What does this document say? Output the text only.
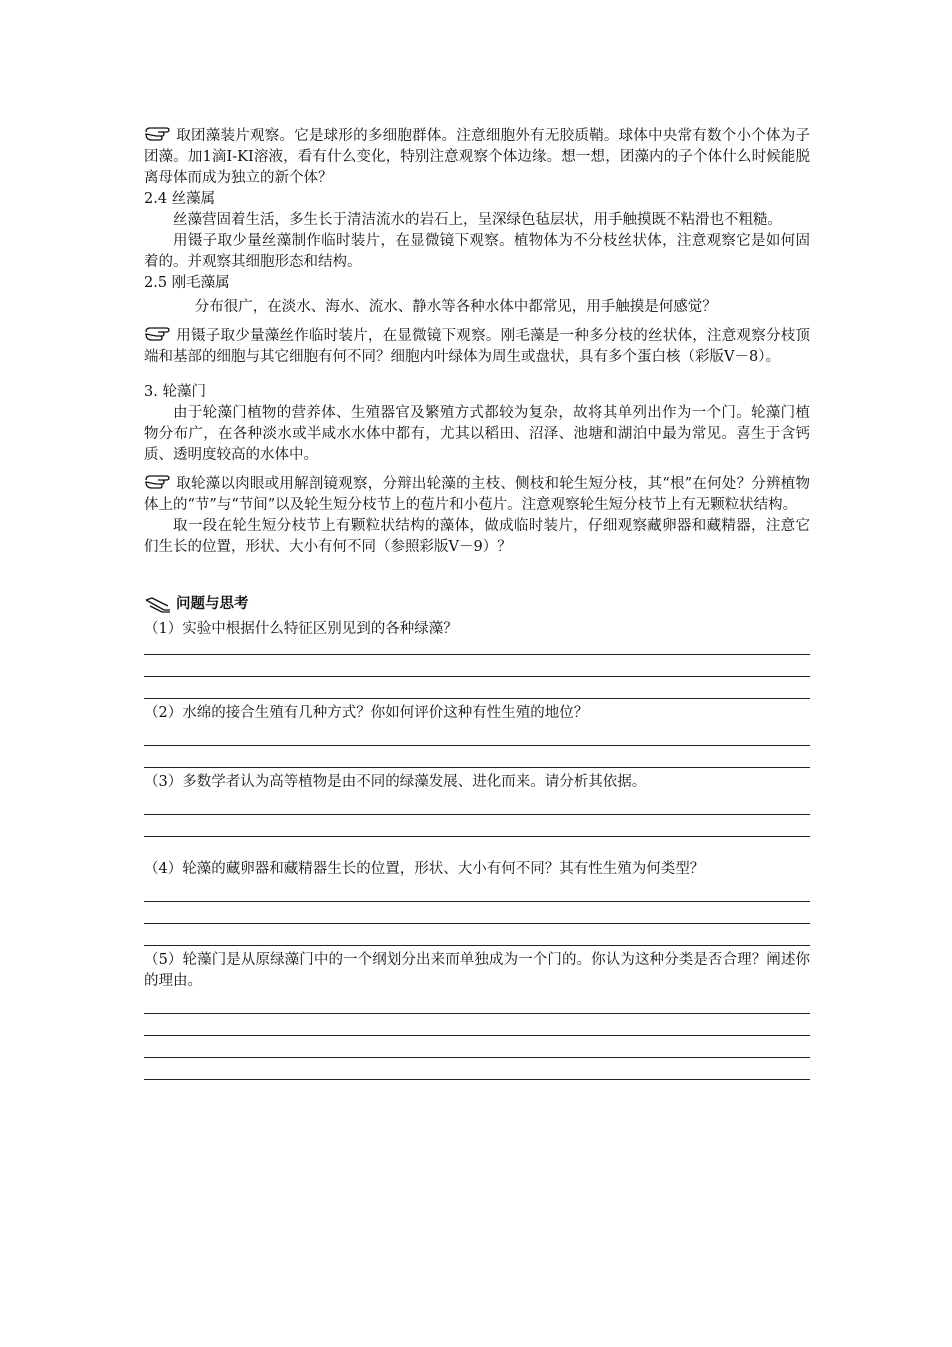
取团藻装片观察。它是球形的多细胞群体。注意细胞外有无胶质鞘。球体中央常有数个小个体为子团藻。加1滴I-KI溶液，看有什么变化，特别注意观察个体边缘。想一想，团藻内的子个体什么时候能脱离母体而成为独立的新个体？

2.4 丝藻属

丝藻营固着生活，多生长于清洁流水的岩石上，呈深绿色毡层状，用手触摸既不粘滑也不粗糙。

用镊子取少量丝藻制作临时装片，在显微镜下观察。植物体为不分枝丝状体，注意观察它是如何固着的。并观察其细胞形态和结构。

2.5 刚毛藻属

分布很广，在淡水、海水、流水、静水等各种水体中都常见，用手触摸是何感觉？

用镊子取少量藻丝作临时装片，在显微镜下观察。刚毛藻是一种多分枝的丝状体，注意观察分枝顶端和基部的细胞与其它细胞有何不同？细胞内叶绿体为周生或盘状，具有多个蛋白核（彩版V－8）。

3. 轮藻门

由于轮藻门植物的营养体、生殖器官及繁殖方式都较为复杂，故将其单列出作为一个门。轮藻门植物分布广，在各种淡水或半咸水水体中都有，尤其以稻田、沼泽、池塘和湖泊中最为常见。喜生于含钙质、透明度较高的水体中。

取轮藻以肉眼或用解剖镜观察，分辩出轮藻的主枝、侧枝和轮生短分枝，其“根”在何处？分辨植物体上的“节”与“节间”以及轮生短分枝节上的苞片和小苞片。注意观察轮生短分枝节上有无颗粒状结构。

取一段在轮生短分枝节上有颗粒状结构的藻体，做成临时装片，仔细观察藏卵器和藏精器，注意它们生长的位置，形状、大小有何不同（参照彩版V－9）？

问题与思考

（1）实验中根据什么特征区别见到的各种绿藻？

（2）水绵的接合生殖有几种方式？你如何评价这种有性生殖的地位？

（3）多数学者认为高等植物是由不同的绿藻发展、进化而来。请分析其依据。

（4）轮藻的藏卵器和藏精器生长的位置，形状、大小有何不同？其有性生殖为何类型？

（5）轮藻门是从原绿藻门中的一个纲划分出来而单独成为一个门的。你认为这种分类是否合理？阐述你的理由。
